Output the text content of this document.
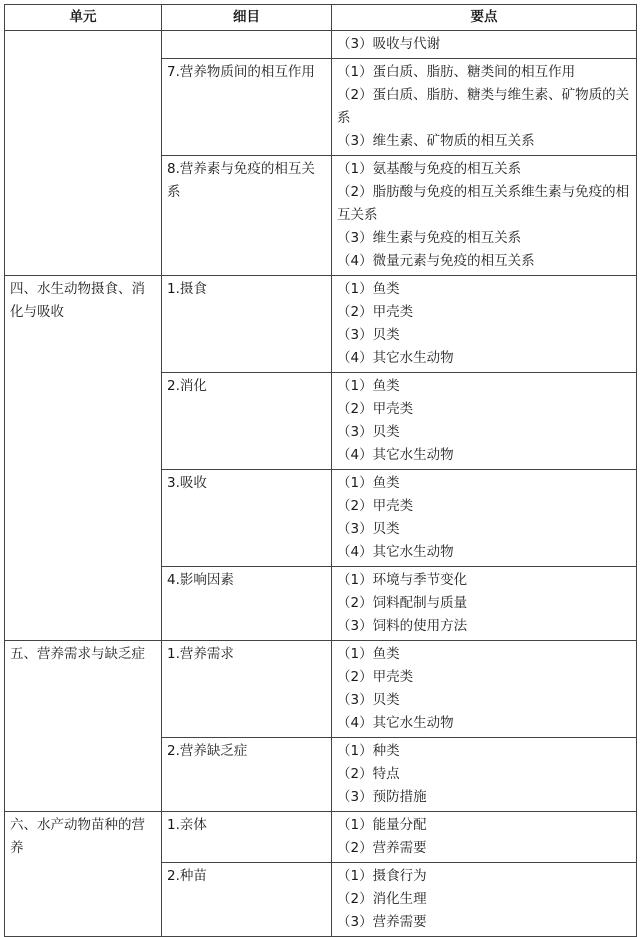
单元	细目	要点

		（3）吸收与代谢

	7.营养物质间的相互作用	（1）蛋白质、脂肪、糖类间的相互作用
（2）蛋白质、脂肪、糖类与维生素、矿物质的关系
（3）维生素、矿物质的相互关系

	8.营养素与免疫的相互关系	（1）氨基酸与免疫的相互关系
（2）脂肪酸与免疫的相互关系维生素与免疫的相互关系
（3）维生素与免疫的相互关系
（4）微量元素与免疫的相互关系

四、水生动物摄食、消化与吸收	1.摄食	（1）鱼类
（2）甲壳类
（3）贝类
（4）其它水生动物

	2.消化	（1）鱼类
（2）甲壳类
（3）贝类
（4）其它水生动物

	3.吸收	（1）鱼类
（2）甲壳类
（3）贝类
（4）其它水生动物

	4.影响因素	（1）环境与季节变化
（2）饲料配制与质量
（3）饲料的使用方法

五、营养需求与缺乏症	1.营养需求	（1）鱼类
（2）甲壳类
（3）贝类
（4）其它水生动物

	2.营养缺乏症	（1）种类
（2）特点
（3）预防措施

六、水产动物苗种的营养	1.亲体	（1）能量分配
（2）营养需要

	2.种苗	（1）摄食行为
（2）消化生理
（3）营养需要
